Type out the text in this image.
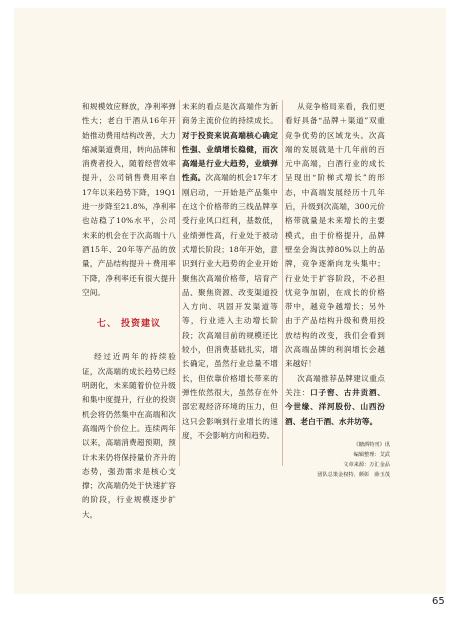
和规模效应释放，净利率弹性大；老白干酒从16年开始推动费用结构改善，大力缩减渠道费用，转向品牌和消费者投入，随着经营效率提升，公司销售费用率自17年以来趋势下降，19Q1进一步降至21.8%，净利率也站稳了10%水平，公司未来的机会在于次高端十八酒15年、20年等产品的放量，产品结构提升＋费用率下降，净利率还有很大提升空间。

七、 投资建议

经过近两年的持续验证，次高端的成长趋势已经明朗化，未来随着价位升级和集中度提升，行业的投资机会将仍然集中在高端和次高端两个价位上。连续两年以来，高端消费超预期，预计未来仍将保持量价齐升的态势，强劲需求是核心支撑；次高端仍处于快速扩容的阶段，行业规模逐步扩大，

未来的看点是次高端作为新商务主流价位的持续成长。对于投资来说高端核心确定性强、业绩增长稳健，而次高端是行业大趋势，业绩弹性高。次高端的机会17年才刚启动，一开始是产品集中在这个价格带的三线品牌享受行业风口红利，基数低，业绩弹性高，行业处于被动式增长阶段；18年开始，意识到行业大趋势的企业开始聚焦次高端价格带，培育产品、聚焦资源、改变渠道投入方向、巩固开发渠道等等，行业进入主动增长阶段；次高端目前的规模还比较小，但消费基础扎实，增长确定，虽然行业总量不增长，但依靠价格增长带来的弹性依然很大，虽然存在外部宏观经济环境的压力，但这只会影响到行业增长的速度，不会影响方向和趋势。

从竞争格局来看，我们更看好具备“品牌＋渠道”双重竞争优势的区域龙头。次高端的发展就是十几年前的百元中高端，白酒行业的成长呈现出“阶梯式增长”的形态，中高端发展经历十几年后，升级到次高端，300元价格带就量是未来增长的主要模式，由于价格提升，品牌壁垒会淘汰掉80%以上的品牌，竞争逐渐向龙头集中；行业处于扩容阶段，不必担忧竞争加剧，在成长的价格带中，越竞争越增长；另外由于产品结构升级和费用投放结构的改变，我们会看到次高端品牌的利润增长会越来越好！

次高端推荐品牌建议重点关注：口子窖、古井贡酒、今世缘、洋河股份、山西汾酒、老白干酒、水井坊等。

《糖酒特刊》讯
编辑整理：艾武
文章来源：万汇金品
团队总策金权特、颜彰　薛玉茂
65
